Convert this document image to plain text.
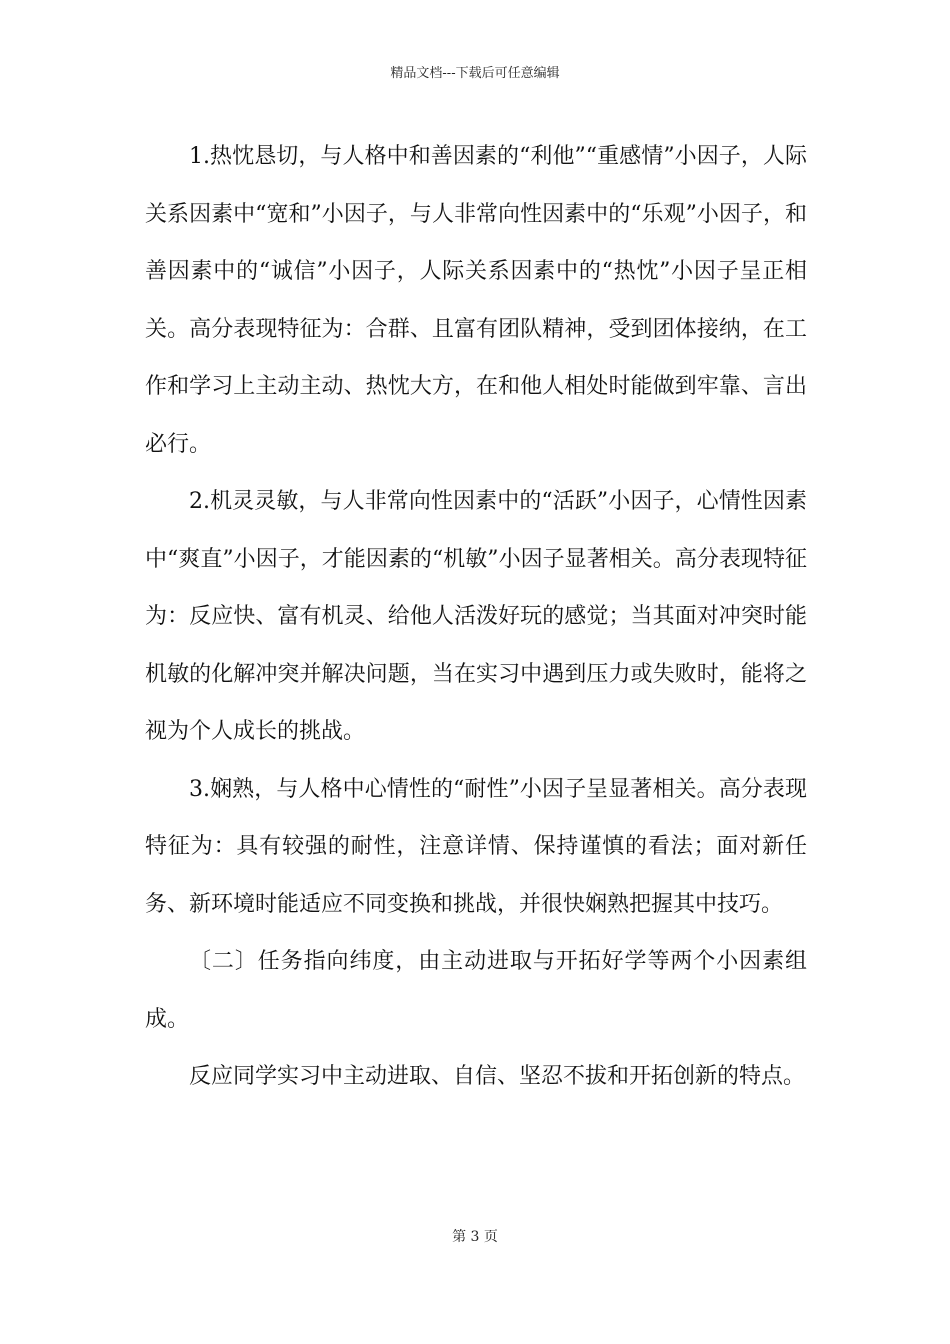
精品文档---下载后可任意编辑

1.热忱恳切，与人格中和善因素的“利他”“重感情”小因子，人际关系因素中“宽和”小因子，与人非常向性因素中的“乐观”小因子，和善因素中的“诚信”小因子，人际关系因素中的“热忱”小因子呈正相关。高分表现特征为：合群、且富有团队精神，受到团体接纳，在工作和学习上主动主动、热忱大方，在和他人相处时能做到牢靠、言出必行。

2.机灵灵敏，与人非常向性因素中的“活跃”小因子，心情性因素中“爽直”小因子，才能因素的“机敏”小因子显著相关。高分表现特征为：反应快、富有机灵、给他人活泼好玩的感觉；当其面对冲突时能机敏的化解冲突并解决问题，当在实习中遇到压力或失败时，能将之视为个人成长的挑战。

3.娴熟，与人格中心情性的“耐性”小因子呈显著相关。高分表现特征为：具有较强的耐性，注意详情、保持谨慎的看法；面对新任务、新环境时能适应不同变换和挑战，并很快娴熟把握其中技巧。

〔二〕任务指向纬度，由主动进取与开拓好学等两个小因素组成。

反应同学实习中主动进取、自信、坚忍不拔和开拓创新的特点。

第 3 页
